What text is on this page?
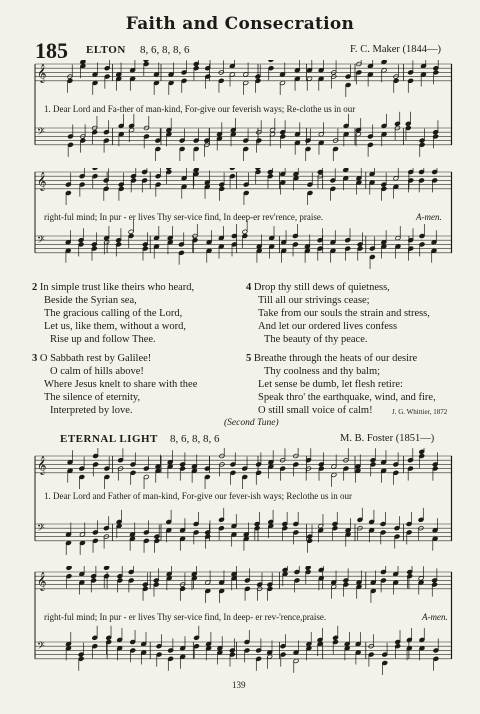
Faith and Consecration
185 ELTON 8, 6, 8, 8, 6	F. C. Maker (1844—)
𝄞
𝄢
1. Dear Lord and Fa-ther of man-kind, For-give our feverish ways; Re-clothe us in our
𝄞
𝄢
right-ful mind; In pur - er lives Thy ser-vice find, In deep-er rev'rence, praise.	A-men.
2 In simple trust like theirs who heard,
Beside the Syrian sea,
The gracious calling of the Lord,
Let us, like them, without a word,
Rise up and follow Thee.
3 O Sabbath rest by Galilee!
O calm of hills above!
Where Jesus knelt to share with thee
The silence of eternity,
Interpreted by love.
4 Drop thy still dews of quietness,
Till all our strivings cease;
Take from our souls the strain and stress,
And let our ordered lives confess
The beauty of thy peace.
5 Breathe through the heats of our desire
Thy coolness and thy balm;
Let sense be dumb, let flesh retire:
Speak thro' the earthquake, wind, and fire,
O still small voice of calm!	J. G. Whittier, 1872
(Second Tune)
ETERNAL LIGHT 8, 6, 8, 8, 6	M. B. Foster (1851—)
𝄞
𝄢
1. Dear Lord and Father of man-kind, For-give our fever-ish ways; Reclothe us in our
𝄞
𝄢
right-ful mind; In pur - er lives Thy ser-vice find, In deep- er rev-'rence,praise.	A-men.
139
